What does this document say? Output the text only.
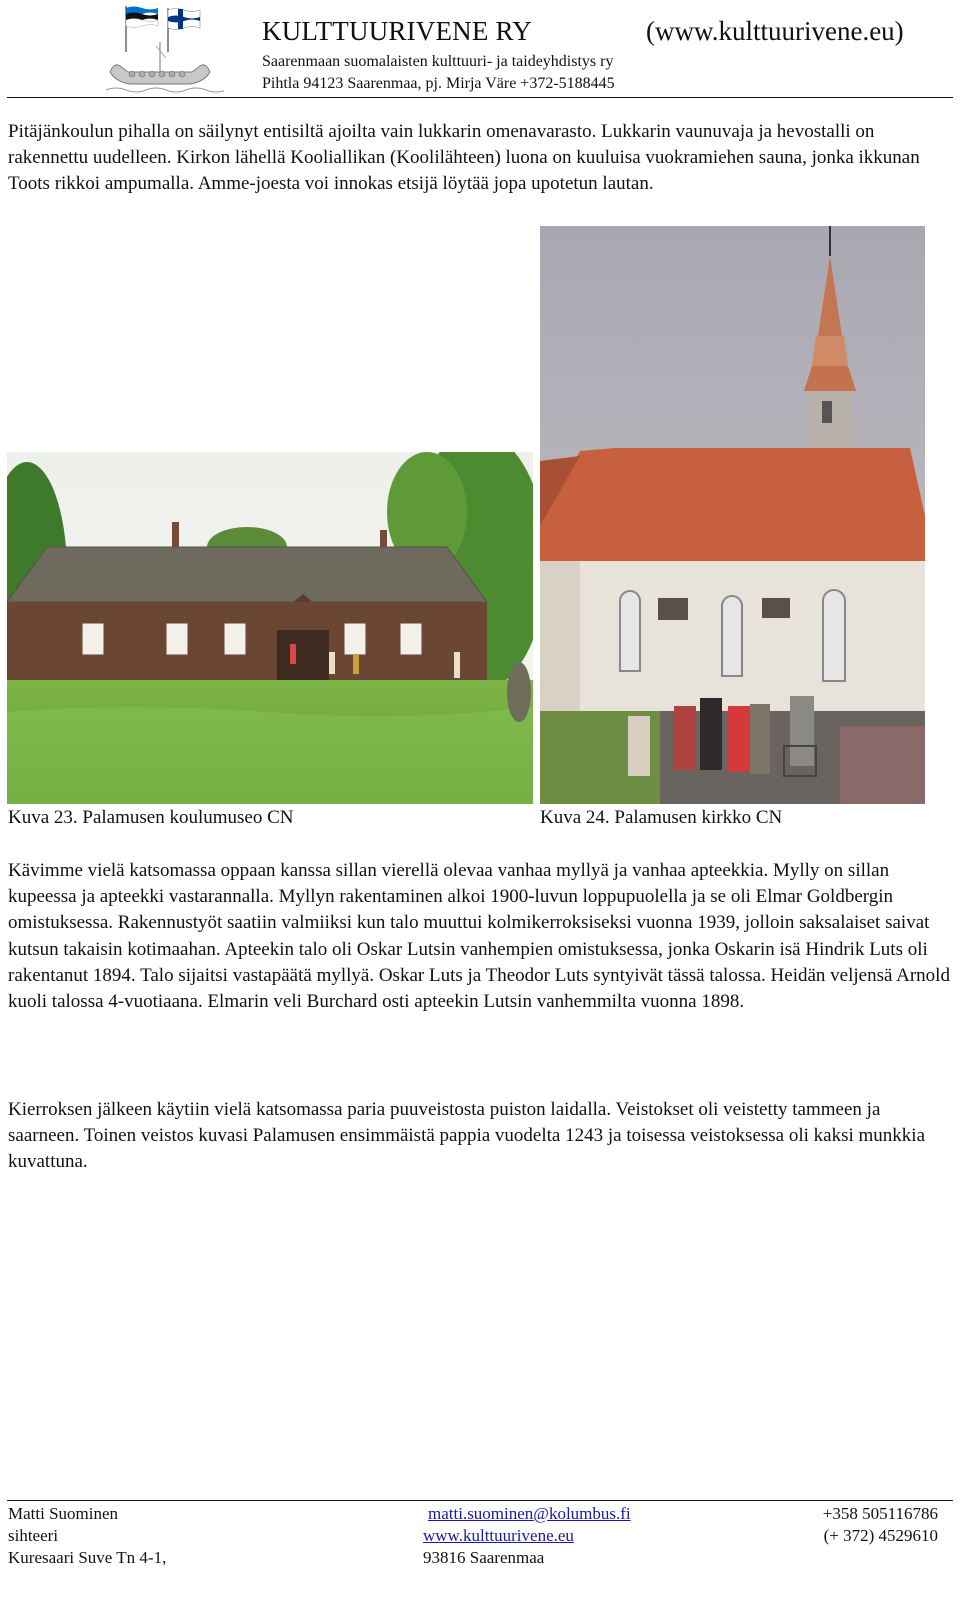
KULTTUURIVENE RY	(www.kulttuurivene.eu)
Saarenmaan suomalaisten kulttuuri- ja taideyhdistys ry
Pihtla 94123 Saarenmaa, pj. Mirja Väre +372-5188445
Pitäjänkoulun pihalla on säilynyt entisiltä ajoilta vain lukkarin omenavarasto. Lukkarin vaunuvaja ja hevostalli on rakennettu uudelleen. Kirkon lähellä Kooliallikan (Koolilähteen) luona on kuuluisa vuokramiehen sauna, jonka ikkunan Toots rikkoi ampumalla. Amme-joesta voi innokas etsijä löytää jopa upotetun lautan.
Kuva 23. Palamusen koulumuseo CN	Kuva 24. Palamusen kirkko CN
Kävimme vielä katsomassa oppaan kanssa sillan vierellä olevaa vanhaa myllyä ja vanhaa apteekkia. Mylly on sillan kupeessa ja apteekki vastarannalla. Myllyn rakentaminen alkoi 1900-luvun loppupuolella ja se oli Elmar Goldbergin omistuksessa. Rakennustyöt saatiin valmiiksi kun talo muuttui kolmikerroksiseksi vuonna 1939, jolloin saksalaiset saivat kutsun takaisin kotimaahan. Apteekin talo oli Oskar Lutsin vanhempien omistuksessa, jonka Oskarin isä Hindrik Luts oli rakentanut 1894. Talo sijaitsi vastapäätä myllyä. Oskar Luts ja Theodor Luts syntyivät tässä talossa. Heidän veljensä Arnold kuoli talossa 4-vuotiaana. Elmarin veli Burchard osti apteekin Lutsin vanhemmilta vuonna 1898.
Kierroksen jälkeen käytiin vielä katsomassa paria puuveistosta puiston laidalla. Veistokset oli veistetty tammeen ja saarneen. Toinen veistos kuvasi Palamusen ensimmäistä pappia vuodelta 1243 ja toisessa veistoksessa oli kaksi munkkia kuvattuna.
Matti Suominen	matti.suominen@kolumbus.fi	+358 505116786
sihteeri	www.kulttuurivene.eu	(+ 372) 4529610
Kuresaari Suve Tn 4-1,	93816 Saarenmaa
